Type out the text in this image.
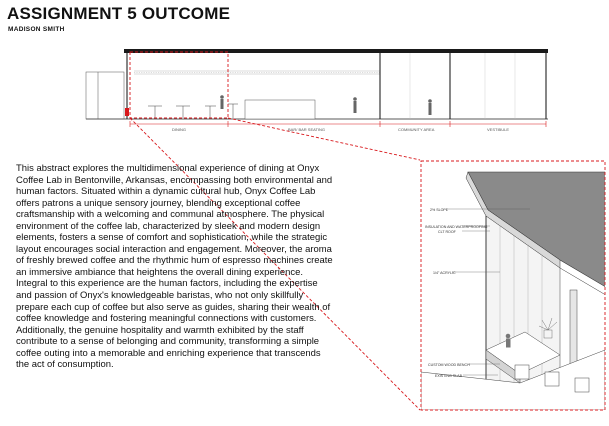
ASSIGNMENT 5 OUTCOME

MADISON SMITH

DINING	BAR/ BAR SEATING	COMMUNITY AREA	VESTIBULE
2% SLOPE
INSULATION AND WATERPROOFING
CLT ROOF
1/4" ACRYLIC
CUSTOM WOOD BENCH
EXISTING SLAB

This abstract explores the multidimensional experience of dining at Onyx Coffee Lab in Bentonville, Arkansas, encompassing both environmental and human factors. Situated within a dynamic cultural hub, Onyx Coffee Lab offers patrons a unique sensory journey, blending exceptional coffee craftsmanship with a welcoming and communal atmosphere. The physical environment of the coffee lab, characterized by sleek and modern design elements, fosters a sense of comfort and sophistication, while the strategic layout encourages social interaction and engagement. Moreover, the aroma of freshly brewed coffee and the rhythmic hum of espresso machines create an immersive ambiance that heightens the overall dining experience. Integral to this experience are the human factors, including the expertise and passion of Onyx's knowledgeable baristas, who not only skillfully prepare each cup of coffee but also serve as guides, sharing their wealth of coffee knowledge and fostering meaningful connections with customers. Additionally, the genuine hospitality and warmth exhibited by the staff contribute to a sense of belonging and community, transforming a simple coffee outing into a memorable and enriching experience that transcends the act of consumption.
